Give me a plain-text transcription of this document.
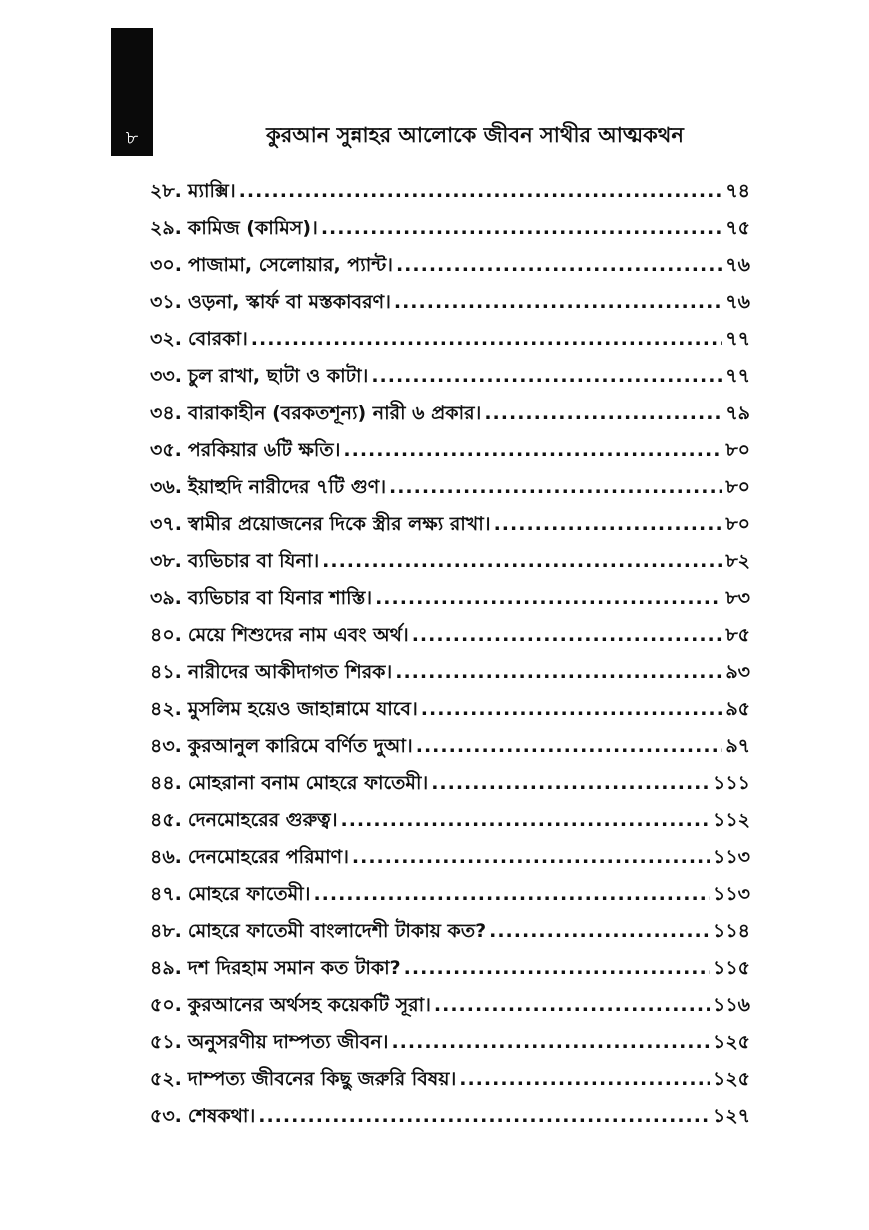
৮	কুরআন সুন্নাহর আলোকে জীবন সাথীর আত্মকথন
২৮. ম্যাক্সি। .....	৭৪
২৯. কামিজ (কামিস)। .....	৭৫
৩০. পাজামা, সেলোয়ার, প্যান্ট। .....	৭৬
৩১. ওড়না, স্কার্ফ বা মস্তকাবরণ। .....	৭৬
৩২. বোরকা। .....	৭৭
৩৩. চুল রাখা, ছাটা ও কাটা। .....	৭৭
৩৪. বারাকাহীন (বরকতশূন্য) নারী ৬ প্রকার। .....	৭৯
৩৫. পরকিয়ার ৬টি ক্ষতি। .....	৮০
৩৬. ইয়াহুদি নারীদের ৭টি গুণ। .....	৮০
৩৭. স্বামীর প্রয়োজনের দিকে স্ত্রীর লক্ষ্য রাখা। .....	৮০
৩৮. ব্যভিচার বা যিনা। .....	৮২
৩৯. ব্যভিচার বা যিনার শাস্তি। .....	৮৩
৪০. মেয়ে শিশুদের নাম এবং অর্থ। .....	৮৫
৪১. নারীদের আকীদাগত শিরক। .....	৯৩
৪২. মুসলিম হয়েও জাহান্নামে যাবে। .....	৯৫
৪৩. কুরআনুল কারিমে বর্ণিত দুআ। .....	৯৭
৪৪. মোহরানা বনাম মোহরে ফাতেমী। .....	১১১
৪৫. দেনমোহরের গুরুত্ব। .....	১১২
৪৬. দেনমোহরের পরিমাণ। .....	১১৩
৪৭. মোহরে ফাতেমী। .....	১১৩
৪৮. মোহরে ফাতেমী বাংলাদেশী টাকায় কত? .....	১১৪
৪৯. দশ দিরহাম সমান কত টাকা? .....	১১৫
৫০. কুরআনের অর্থসহ কয়েকটি সূরা। .....	১১৬
৫১. অনুসরণীয় দাম্পত্য জীবন। .....	১২৫
৫২. দাম্পত্য জীবনের কিছু জরুরি বিষয়। .....	১২৫
৫৩. শেষকথা। .....	১২৭
